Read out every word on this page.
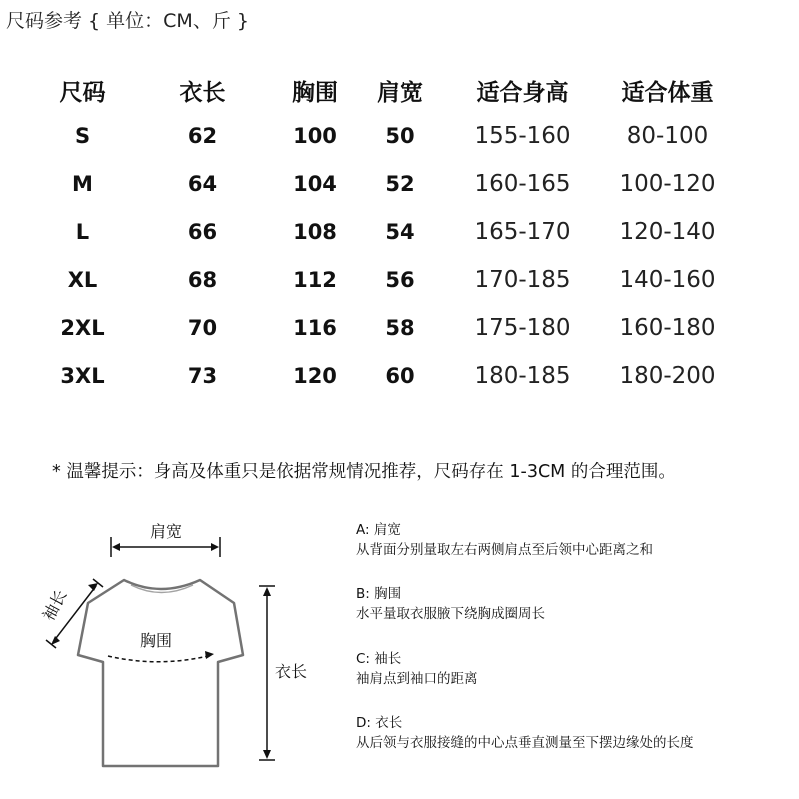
尺码参考 { 单位：CM、斤 }
尺码	衣长	胸围	肩宽	适合身高	适合体重
S	62	100	50	155-160	80-100
M	64	104	52	160-165	100-120
L	66	108	54	165-170	120-140
XL	68	112	56	170-185	140-160
2XL	70	116	58	175-180	160-180
3XL	73	120	60	180-185	180-200
* 温馨提示：身高及体重只是依据常规情况推荐，尺码存在 1-3CM 的合理范围。
肩宽
袖长
胸围
衣长
A: 肩宽
从背面分别量取左右两侧肩点至后领中心距离之和
B: 胸围
水平量取衣服腋下绕胸成圈周长
C: 袖长
袖肩点到袖口的距离
D: 衣长
从后领与衣服接缝的中心点垂直测量至下摆边缘处的长度
